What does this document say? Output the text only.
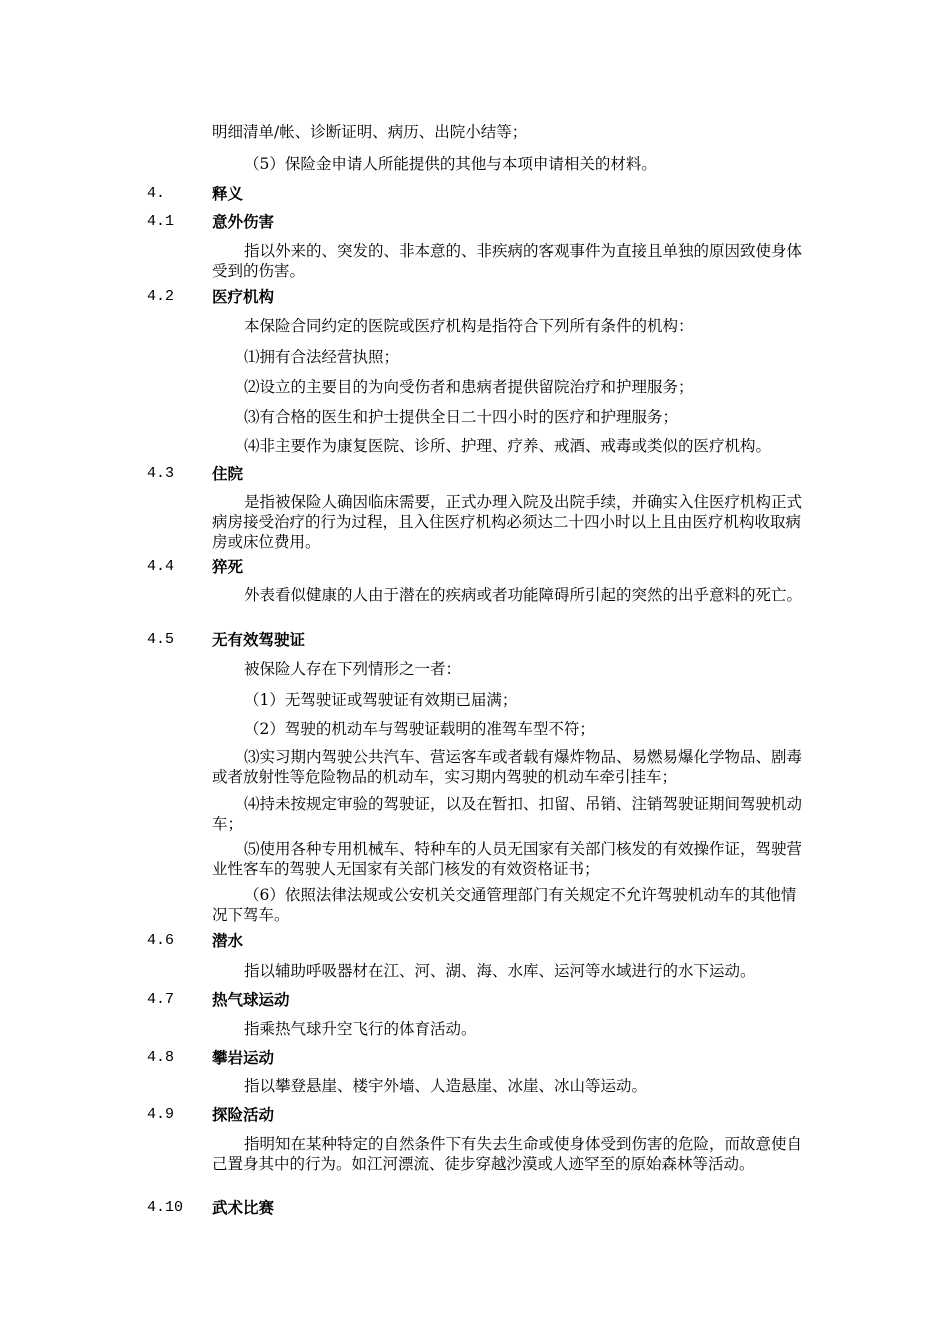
明细清单/帐、诊断证明、病历、出院小结等；
（5）保险金申请人所能提供的其他与本项申请相关的材料。
4.	释义
4.1 意外伤害
指以外来的、突发的、非本意的、非疾病的客观事件为直接且单独的原因致使身体受到的伤害。
4.2 医疗机构
本保险合同约定的医院或医疗机构是指符合下列所有条件的机构：
⑴拥有合法经营执照；
⑵设立的主要目的为向受伤者和患病者提供留院治疗和护理服务；
⑶有合格的医生和护士提供全日二十四小时的医疗和护理服务；
⑷非主要作为康复医院、诊所、护理、疗养、戒酒、戒毒或类似的医疗机构。
4.3 住院
是指被保险人确因临床需要，正式办理入院及出院手续，并确实入住医疗机构正式病房接受治疗的行为过程，且入住医疗机构必须达二十四小时以上且由医疗机构收取病房或床位费用。
4.4 猝死
外表看似健康的人由于潜在的疾病或者功能障碍所引起的突然的出乎意料的死亡。
4.5 无有效驾驶证
被保险人存在下列情形之一者：
（1）无驾驶证或驾驶证有效期已届满；
（2）驾驶的机动车与驾驶证载明的准驾车型不符；
⑶实习期内驾驶公共汽车、营运客车或者载有爆炸物品、易燃易爆化学物品、剧毒或者放射性等危险物品的机动车，实习期内驾驶的机动车牵引挂车；
⑷持未按规定审验的驾驶证，以及在暂扣、扣留、吊销、注销驾驶证期间驾驶机动车；
⑸使用各种专用机械车、特种车的人员无国家有关部门核发的有效操作证，驾驶营业性客车的驾驶人无国家有关部门核发的有效资格证书；
（6）依照法律法规或公安机关交通管理部门有关规定不允许驾驶机动车的其他情况下驾车。
4.6 潜水
指以辅助呼吸器材在江、河、湖、海、水库、运河等水域进行的水下运动。
4.7 热气球运动
指乘热气球升空飞行的体育活动。
4.8 攀岩运动
指以攀登悬崖、楼宇外墙、人造悬崖、冰崖、冰山等运动。
4.9 探险活动
指明知在某种特定的自然条件下有失去生命或使身体受到伤害的危险，而故意使自己置身其中的行为。如江河漂流、徒步穿越沙漠或人迹罕至的原始森林等活动。
4.10 武术比赛
